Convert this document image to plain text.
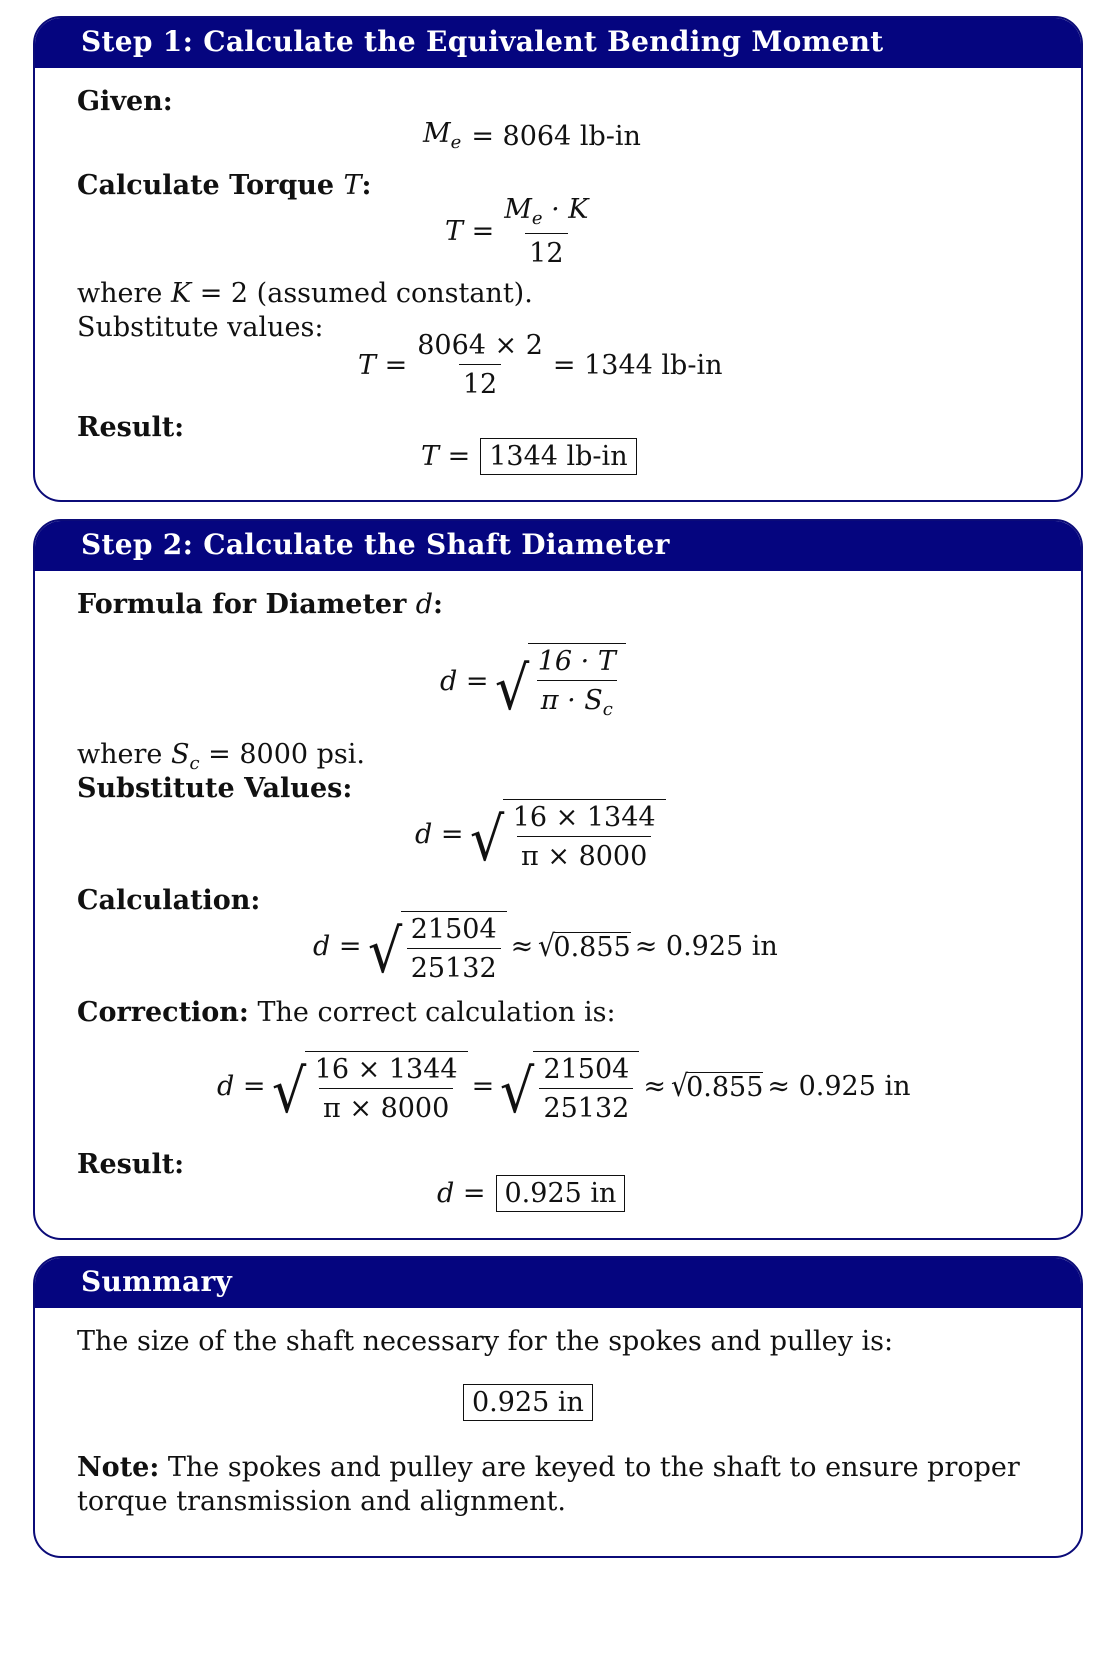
Step 1: Calculate the Equivalent Bending Moment
Given:
$M_e = 8064$ lb-in
Calculate Torque T:
$T = \frac{M_e \cdot K}{12}$
where K = 2 (assumed constant).
Substitute values:
$T = \frac{8064 \times 2}{12} = 1344$ lb-in
Result:
T = 1344 lb-in
Step 2: Calculate the Shaft Diameter
Formula for Diameter d:
d = √ $\frac{16 \cdot T}{\pi \cdot S_c}$
where $S_c = 8000$ psi.
Substitute Values:
d = √ $\frac{16 \times 1344}{\pi \times 8000}$
Calculation:
d = √ $\frac{21504}{25132}$ ≈ √
0.855 ≈ 0.925 in
Correction: The correct calculation is:
d = √ $\frac{16 \times 1344}{\pi \times 8000}$ = √ $\frac{21504}{25132}$ ≈ √
0.855 ≈ 0.925 in
Result:
d = 0.925 in
Summary
The size of the shaft necessary for the spokes and pulley is:
0.925 in
Note: The spokes and pulley are keyed to the shaft to ensure proper
torque transmission and alignment.
